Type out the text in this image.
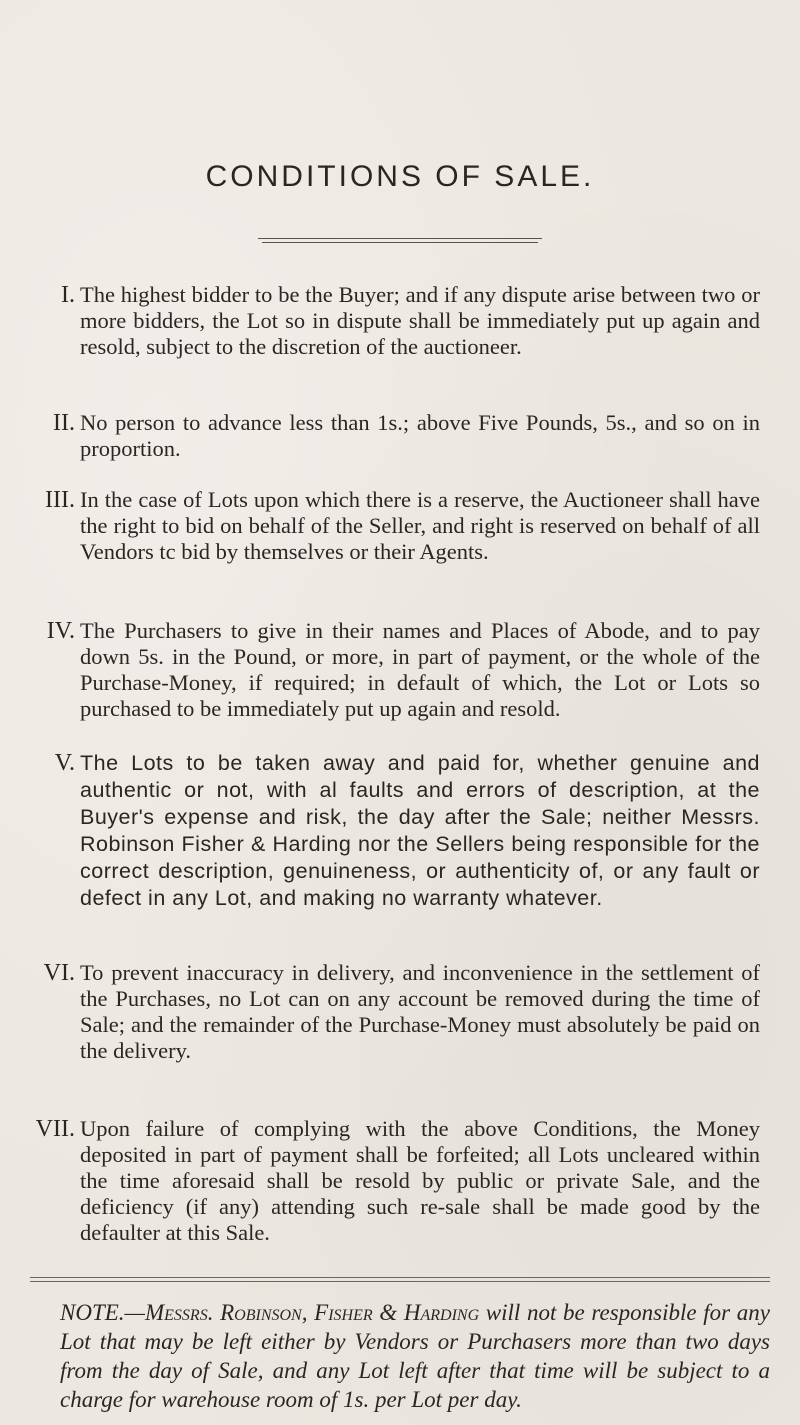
CONDITIONS OF SALE.
I. The highest bidder to be the Buyer; and if any dispute arise between two or more bidders, the Lot so in dispute shall be immediately put up again and resold, subject to the discretion of the auctioneer.
II. No person to advance less than 1s.; above Five Pounds, 5s., and so on in proportion.
III. In the case of Lots upon which there is a reserve, the Auctioneer shall have the right to bid on behalf of the Seller, and right is reserved on behalf of all Vendors tc bid by themselves or their Agents.
IV. The Purchasers to give in their names and Places of Abode, and to pay down 5s. in the Pound, or more, in part of payment, or the whole of the Purchase-Money, if required; in default of which, the Lot or Lots so purchased to be immediately put up again and resold.
V. The Lots to be taken away and paid for, whether genuine and authentic or not, with al faults and errors of description, at the Buyer's expense and risk, the day after the Sale; neither Messrs. Robinson Fisher & Harding nor the Sellers being responsible for the correct description, genuineness, or authenticity of, or any fault or defect in any Lot, and making no warranty whatever.
VI. To prevent inaccuracy in delivery, and inconvenience in the settlement of the Purchases, no Lot can on any account be removed during the time of Sale; and the remainder of the Purchase-Money must absolutely be paid on the delivery.
VII. Upon failure of complying with the above Conditions, the Money deposited in part of payment shall be forfeited; all Lots uncleared within the time aforesaid shall be resold by public or private Sale, and the deficiency (if any) attending such re-sale shall be made good by the defaulter at this Sale.
NOTE.—Messrs. Robinson, Fisher & Harding will not be responsible for any Lot that may be left either by Vendors or Purchasers more than two days from the day of Sale, and any Lot left after that time will be subject to a charge for warehouse room of 1s. per Lot per day.
